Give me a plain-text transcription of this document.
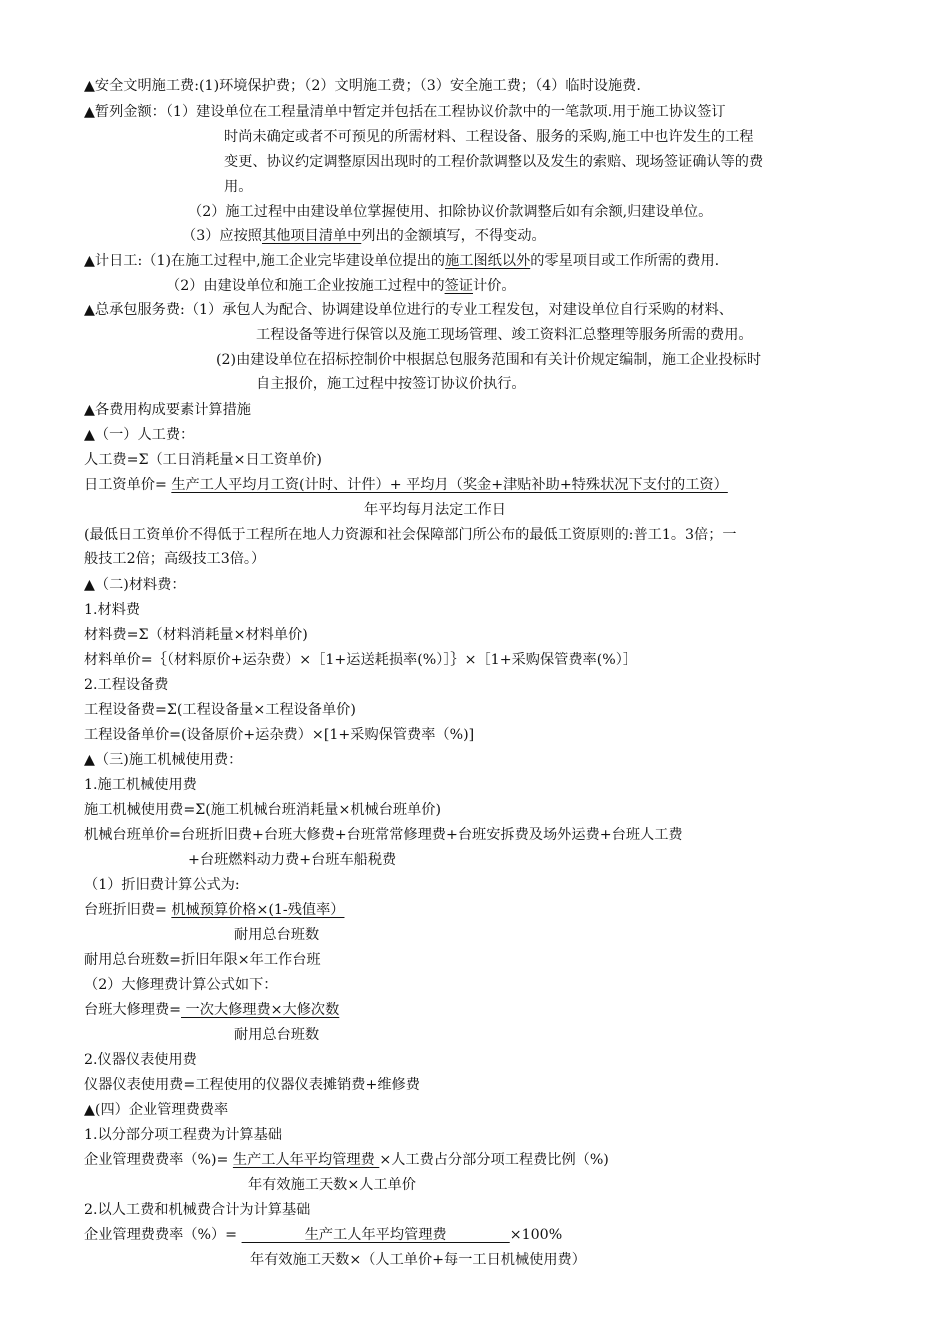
▲安全文明施工费:(1)环境保护费；（2）文明施工费；（3）安全施工费；（4）临时设施费.
▲暂列金额：（1）建设单位在工程量清单中暂定并包括在工程协议价款中的一笔款项.用于施工协议签订
时尚未确定或者不可预见的所需材料、工程设备、服务的采购,施工中也许发生的工程
变更、协议约定调整原因出现时的工程价款调整以及发生的索赔、现场签证确认等的费
用。
（2）施工过程中由建设单位掌握使用、扣除协议价款调整后如有余额,归建设单位。
（3）应按照其他项目清单中列出的金额填写，不得变动。
▲计日工:（1)在施工过程中,施工企业完毕建设单位提出的施工图纸以外的零星项目或工作所需的费用.
（2）由建设单位和施工企业按施工过程中的签证计价。
▲总承包服务费:（1）承包人为配合、协调建设单位进行的专业工程发包，对建设单位自行采购的材料、
工程设备等进行保管以及施工现场管理、竣工资料汇总整理等服务所需的费用。
(2)由建设单位在招标控制价中根据总包服务范围和有关计价规定编制，施工企业投标时
自主报价，施工过程中按签订协议价执行。
▲各费用构成要素计算措施
▲（一）人工费：
人工费=Σ（工日消耗量×日工资单价)
日工资单价= 生产工人平均月工资(计时、计件）+ 平均月（奖金+津贴补助+特殊状况下支付的工资）
年平均每月法定工作日
(最低日工资单价不得低于工程所在地人力资源和社会保障部门所公布的最低工资原则的:普工1。3倍；一
般技工2倍；高级技工3倍。）
▲（二)材料费：
1.材料费
材料费=Σ（材料消耗量×材料单价)
材料单价=｛（材料原价+运杂费）×［1+运送耗损率(%）］｝×［1+采购保管费率(%）］
2.工程设备费
工程设备费=Σ(工程设备量×工程设备单价)
工程设备单价=(设备原价+运杂费）×[1+采购保管费率（%)]
▲（三)施工机械使用费：
1.施工机械使用费
施工机械使用费=Σ(施工机械台班消耗量×机械台班单价)
机械台班单价=台班折旧费+台班大修费+台班常常修理费+台班安拆费及场外运费+台班人工费
+台班燃料动力费+台班车船税费
（1）折旧费计算公式为:
台班折旧费= 机械预算价格×(1-残值率）
耐用总台班数
耐用总台班数=折旧年限×年工作台班
（2）大修理费计算公式如下：
台班大修理费= 一次大修理费×大修次数
耐用总台班数
2.仪器仪表使用费
仪器仪表使用费=工程使用的仪器仪表摊销费+维修费
▲(四）企业管理费费率
1.以分部分项工程费为计算基础
企业管理费费率（%)= 生产工人年平均管理费 ×人工费占分部分项工程费比例（%)
年有效施工天数×人工单价
2.以人工费和机械费合计为计算基础
企业管理费费率（%）=               生产工人年平均管理费              ×100%
年有效施工天数×（人工单价+每一工日机械使用费）
